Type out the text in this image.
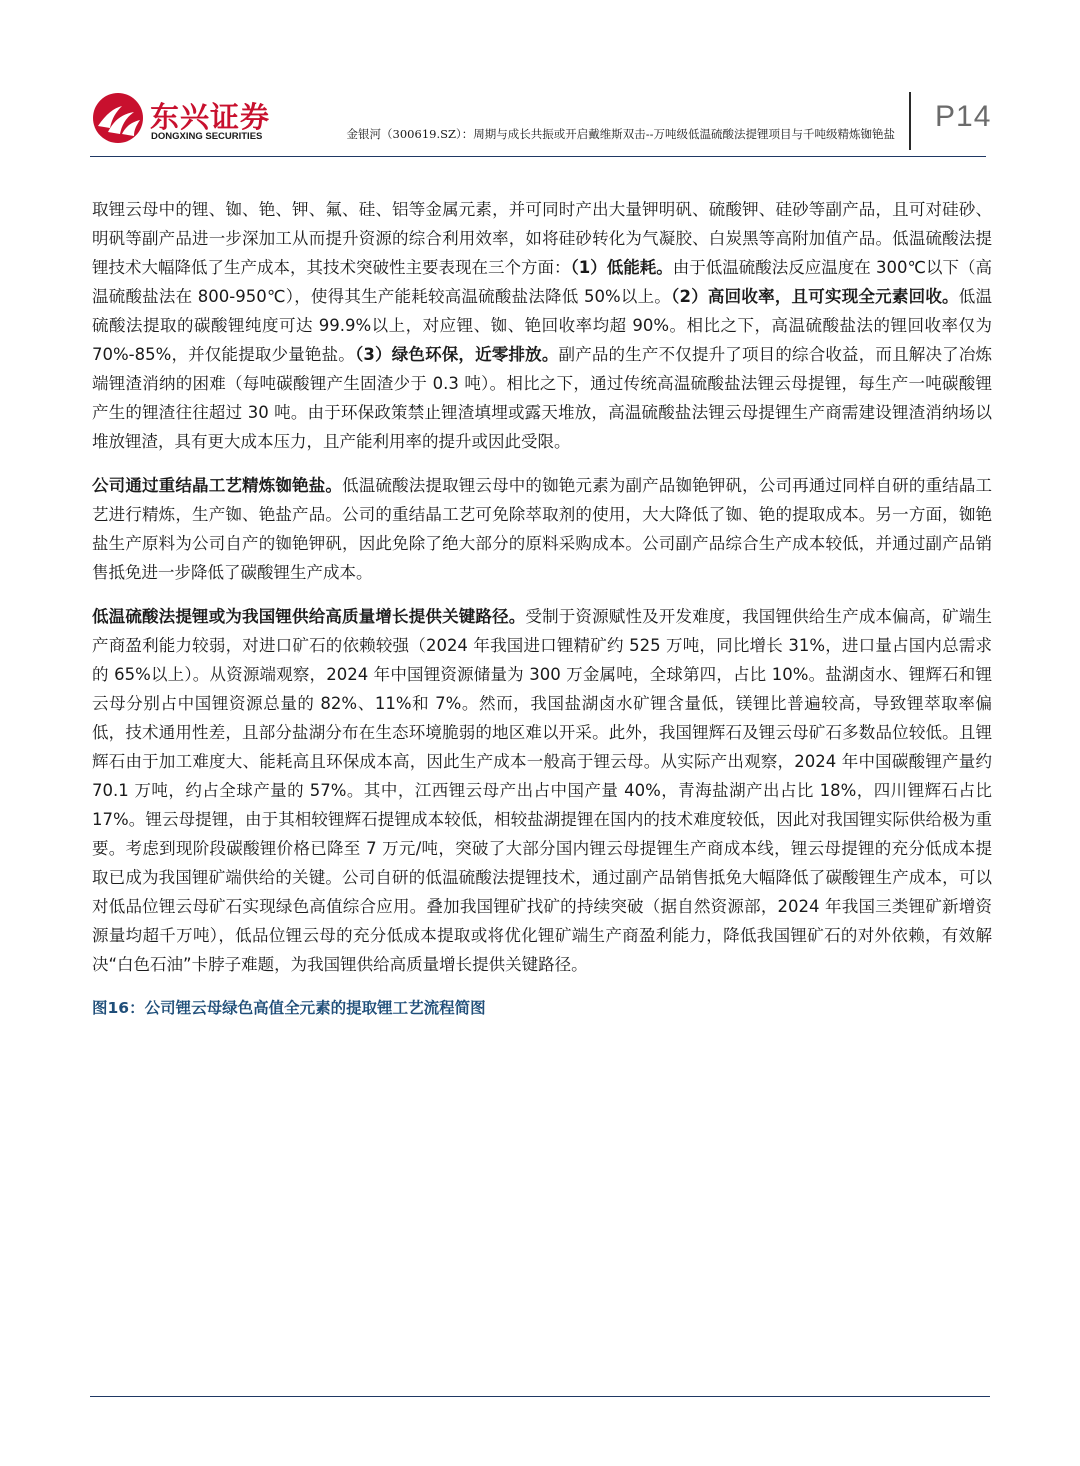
东兴证券
DONGXING SECURITIES	金银河（300619.SZ）：周期与成长共振或开启戴维斯双击--万吨级低温硫酸法提锂项目与千吨级精炼铷铯盐
P14

取锂云母中的锂、铷、铯、钾、氟、硅、铝等金属元素，并可同时产出大量钾明矾、硫酸钾、硅砂等副产品，且可对硅砂、明矾等副产品进一步深加工从而提升资源的综合利用效率，如将硅砂转化为气凝胶、白炭黑等高附加值产品。低温硫酸法提锂技术大幅降低了生产成本，其技术突破性主要表现在三个方面：（1）低能耗。由于低温硫酸法反应温度在 300℃以下（高温硫酸盐法在 800-950℃），使得其生产能耗较高温硫酸盐法降低 50%以上。（2）高回收率，且可实现全元素回收。低温硫酸法提取的碳酸锂纯度可达 99.9%以上，对应锂、铷、铯回收率均超 90%。相比之下，高温硫酸盐法的锂回收率仅为 70%-85%，并仅能提取少量铯盐。（3）绿色环保，近零排放。副产品的生产不仅提升了项目的综合收益，而且解决了冶炼端锂渣消纳的困难（每吨碳酸锂产生固渣少于 0.3 吨）。相比之下，通过传统高温硫酸盐法锂云母提锂，每生产一吨碳酸锂产生的锂渣往往超过 30 吨。由于环保政策禁止锂渣填埋或露天堆放，高温硫酸盐法锂云母提锂生产商需建设锂渣消纳场以堆放锂渣，具有更大成本压力，且产能利用率的提升或因此受限。

公司通过重结晶工艺精炼铷铯盐。低温硫酸法提取锂云母中的铷铯元素为副产品铷铯钾矾，公司再通过同样自研的重结晶工艺进行精炼，生产铷、铯盐产品。公司的重结晶工艺可免除萃取剂的使用，大大降低了铷、铯的提取成本。另一方面，铷铯盐生产原料为公司自产的铷铯钾矾，因此免除了绝大部分的原料采购成本。公司副产品综合生产成本较低，并通过副产品销售抵免进一步降低了碳酸锂生产成本。

低温硫酸法提锂或为我国锂供给高质量增长提供关键路径。受制于资源赋性及开发难度，我国锂供给生产成本偏高，矿端生产商盈利能力较弱，对进口矿石的依赖较强（2024 年我国进口锂精矿约 525 万吨，同比增长 31%，进口量占国内总需求的 65%以上）。从资源端观察，2024 年中国锂资源储量为 300 万金属吨，全球第四，占比 10%。盐湖卤水、锂辉石和锂云母分别占中国锂资源总量的 82%、11%和 7%。然而，我国盐湖卤水矿锂含量低，镁锂比普遍较高，导致锂萃取率偏低，技术通用性差，且部分盐湖分布在生态环境脆弱的地区难以开采。此外，我国锂辉石及锂云母矿石多数品位较低。且锂辉石由于加工难度大、能耗高且环保成本高，因此生产成本一般高于锂云母。从实际产出观察，2024 年中国碳酸锂产量约 70.1 万吨，约占全球产量的 57%。其中，江西锂云母产出占中国产量 40%，青海盐湖产出占比 18%，四川锂辉石占比 17%。锂云母提锂，由于其相较锂辉石提锂成本较低，相较盐湖提锂在国内的技术难度较低，因此对我国锂实际供给极为重要。考虑到现阶段碳酸锂价格已降至 7 万元/吨，突破了大部分国内锂云母提锂生产商成本线，锂云母提锂的充分低成本提取已成为我国锂矿端供给的关键。公司自研的低温硫酸法提锂技术，通过副产品销售抵免大幅降低了碳酸锂生产成本，可以对低品位锂云母矿石实现绿色高值综合应用。叠加我国锂矿找矿的持续突破（据自然资源部，2024 年我国三类锂矿新增资源量均超千万吨），低品位锂云母的充分低成本提取或将优化锂矿端生产商盈利能力，降低我国锂矿石的对外依赖，有效解决“白色石油”卡脖子难题，为我国锂供给高质量增长提供关键路径。

图16：公司锂云母绿色高值全元素的提取锂工艺流程简图
